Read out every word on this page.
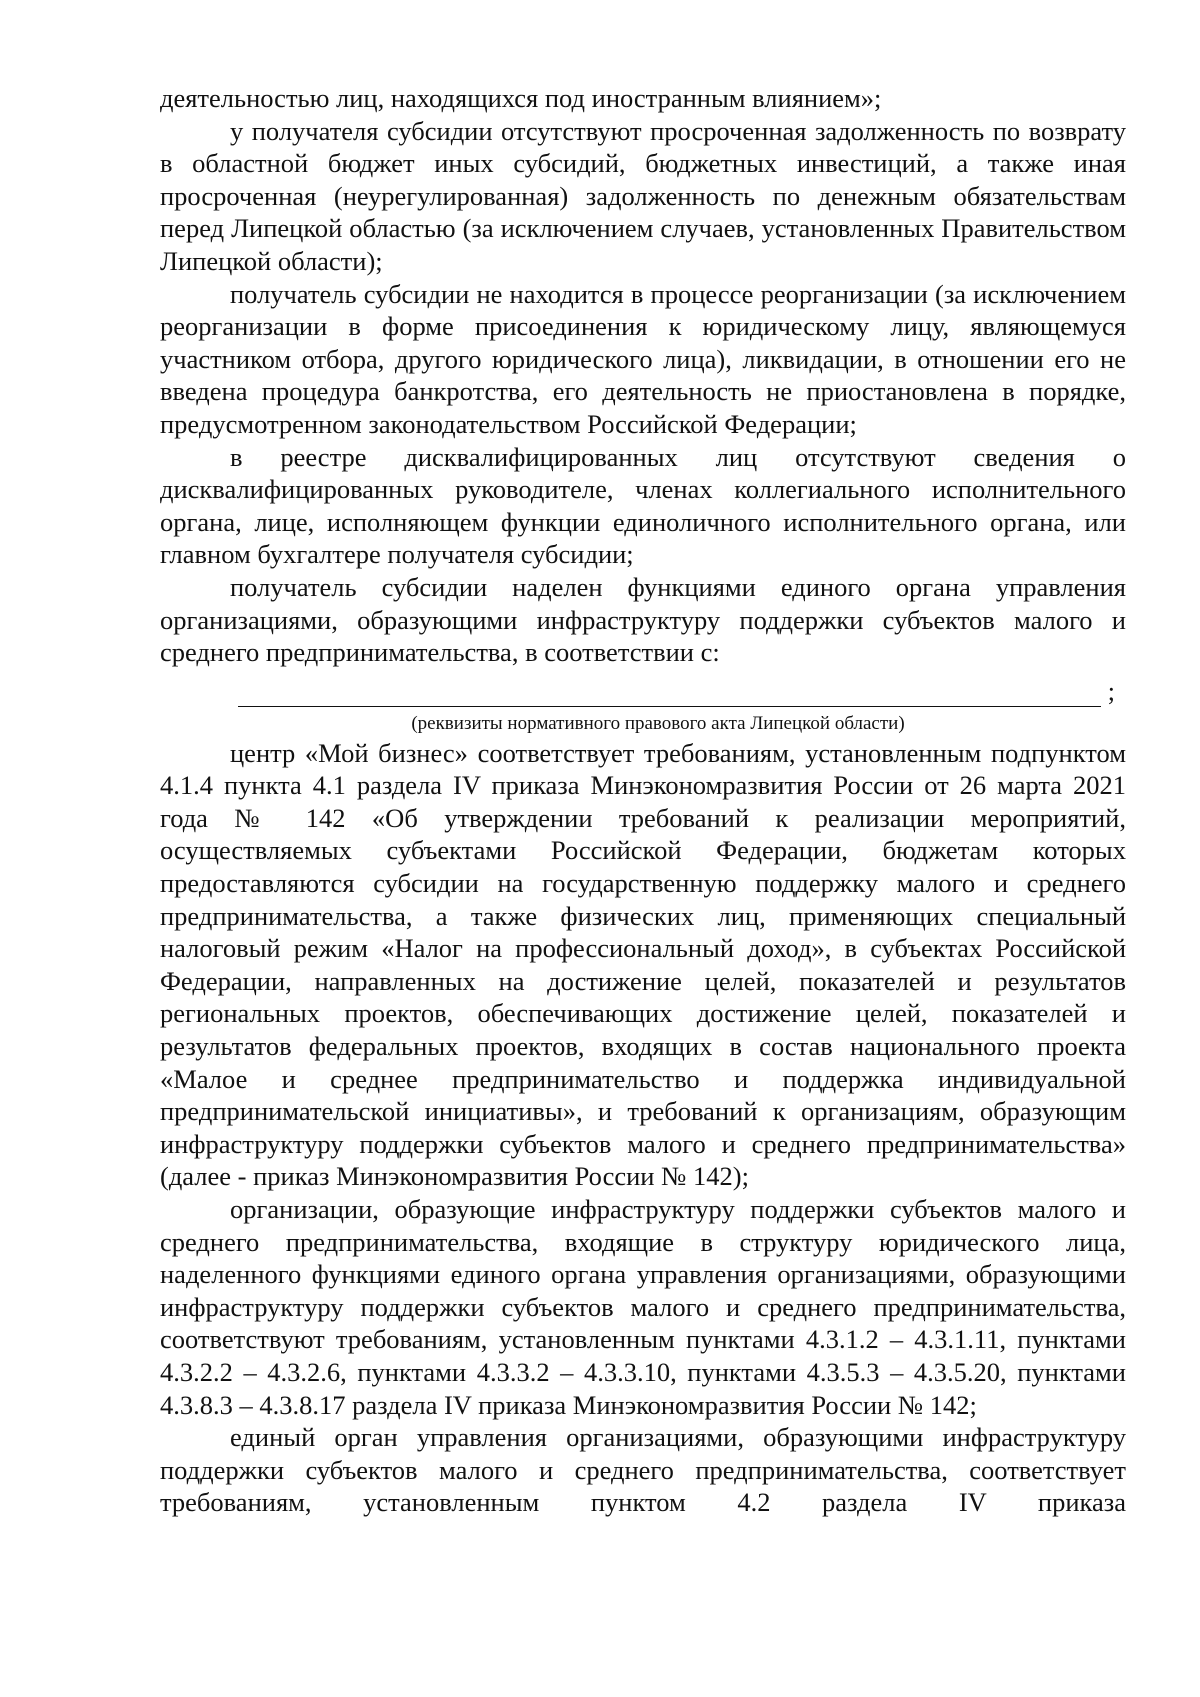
деятельностью лиц, находящихся под иностранным влиянием»;

у получателя субсидии отсутствуют просроченная задолженность по возврату в областной бюджет иных субсидий, бюджетных инвестиций, а также иная просроченная (неурегулированная) задолженность по денежным обязательствам перед Липецкой областью (за исключением случаев, установленных Правительством Липецкой области);

получатель субсидии не находится в процессе реорганизации (за исключением реорганизации в форме присоединения к юридическому лицу, являющемуся участником отбора, другого юридического лица), ликвидации, в отношении его не введена процедура банкротства, его деятельность не приостановлена в порядке, предусмотренном законодательством Российской Федерации;

в реестре дисквалифицированных лиц отсутствуют сведения о дисквалифицированных руководителе, членах коллегиального исполнительного органа, лице, исполняющем функции единоличного исполнительного органа, или главном бухгалтере получателя субсидии;

получатель субсидии наделен функциями единого органа управления организациями, образующими инфраструктуру поддержки субъектов малого и среднего предпринимательства, в соответствии с:

;
(реквизиты нормативного правового акта Липецкой области)

центр «Мой бизнес» соответствует требованиям, установленным подпунктом 4.1.4 пункта 4.1 раздела IV приказа Минэкономразвития России от 26 марта 2021 года № 142 «Об утверждении требований к реализации мероприятий, осуществляемых субъектами Российской Федерации, бюджетам которых предоставляются субсидии на государственную поддержку малого и среднего предпринимательства, а также физических лиц, применяющих специальный налоговый режим «Налог на профессиональный доход», в субъектах Российской Федерации, направленных на достижение целей, показателей и результатов региональных проектов, обеспечивающих достижение целей, показателей и результатов федеральных проектов, входящих в состав национального проекта «Малое и среднее предпринимательство и поддержка индивидуальной предпринимательской инициативы», и требований к организациям, образующим инфраструктуру поддержки субъектов малого и среднего предпринимательства» (далее - приказ Минэкономразвития России № 142);

организации, образующие инфраструктуру поддержки субъектов малого и среднего предпринимательства, входящие в структуру юридического лица, наделенного функциями единого органа управления организациями, образующими инфраструктуру поддержки субъектов малого и среднего предпринимательства, соответствуют требованиям, установленным пунктами 4.3.1.2 – 4.3.1.11, пунктами 4.3.2.2 – 4.3.2.6, пунктами 4.3.3.2 – 4.3.3.10, пунктами 4.3.5.3 – 4.3.5.20, пунктами 4.3.8.3 – 4.3.8.17 раздела IV приказа Минэкономразвития России № 142;

единый орган управления организациями, образующими инфраструктуру поддержки субъектов малого и среднего предпринимательства, соответствует требованиям, установленным пунктом 4.2 раздела IV приказа
